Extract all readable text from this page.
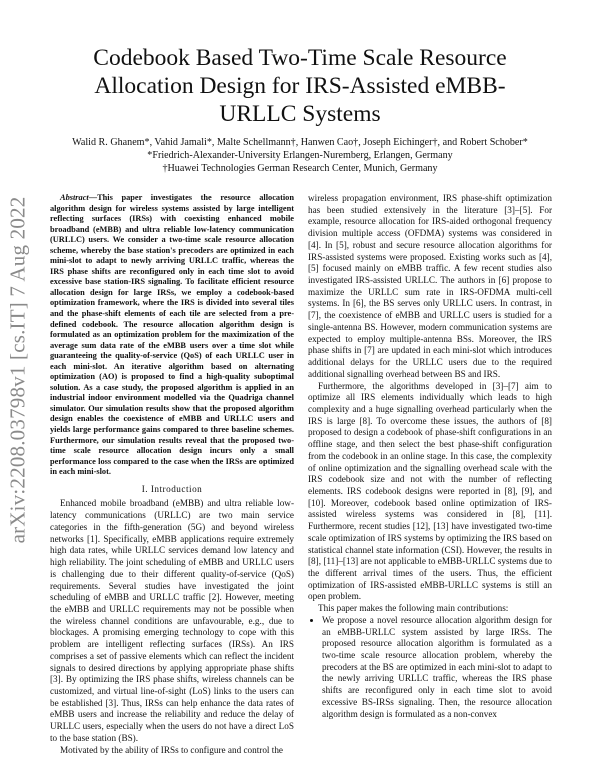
arXiv:2208.03798v1 [cs.IT] 7 Aug 2022
Codebook Based Two-Time Scale Resource Allocation Design for IRS-Assisted eMBB-URLLC Systems
Walid R. Ghanem*, Vahid Jamali*, Malte Schellmann†, Hanwen Cao†, Joseph Eichinger†, and Robert Schober*
*Friedrich-Alexander-University Erlangen-Nuremberg, Erlangen, Germany
†Huawei Technologies German Research Center, Munich, Germany

Abstract—This paper investigates the resource allocation algorithm design for wireless systems assisted by large intelligent reflecting surfaces (IRSs) with coexisting enhanced mobile broadband (eMBB) and ultra reliable low-latency communication (URLLC) users. We consider a two-time scale resource allocation scheme, whereby the base station's precoders are optimized in each mini-slot to adapt to newly arriving URLLC traffic, whereas the IRS phase shifts are reconfigured only in each time slot to avoid excessive base station-IRS signaling. To facilitate efficient resource allocation design for large IRSs, we employ a codebook-based optimization framework, where the IRS is divided into several tiles and the phase-shift elements of each tile are selected from a pre-defined codebook. The resource allocation algorithm design is formulated as an optimization problem for the maximization of the average sum data rate of the eMBB users over a time slot while guaranteeing the quality-of-service (QoS) of each URLLC user in each mini-slot. An iterative algorithm based on alternating optimization (AO) is proposed to find a high-quality suboptimal solution. As a case study, the proposed algorithm is applied in an industrial indoor environment modelled via the Quadriga channel simulator. Our simulation results show that the proposed algorithm design enables the coexistence of eMBB and URLLC users and yields large performance gains compared to three baseline schemes. Furthermore, our simulation results reveal that the proposed two-time scale resource allocation design incurs only a small performance loss compared to the case when the IRSs are optimized in each mini-slot.

I. Introduction

Enhanced mobile broadband (eMBB) and ultra reliable low-latency communications (URLLC) are two main service categories in the fifth-generation (5G) and beyond wireless networks [1]. Specifically, eMBB applications require extremely high data rates, while URLLC services demand low latency and high reliability. The joint scheduling of eMBB and URLLC users is challenging due to their different quality-of-service (QoS) requirements. Several studies have investigated the joint scheduling of eMBB and URLLC traffic [2]. However, meeting the eMBB and URLLC requirements may not be possible when the wireless channel conditions are unfavourable, e.g., due to blockages. A promising emerging technology to cope with this problem are intelligent reflecting surfaces (IRSs). An IRS comprises a set of passive elements which can reflect the incident signals to desired directions by applying appropriate phase shifts [3]. By optimizing the IRS phase shifts, wireless channels can be customized, and virtual line-of-sight (LoS) links to the users can be established [3]. Thus, IRSs can help enhance the data rates of eMBB users and increase the reliability and reduce the delay of URLLC users, especially when the users do not have a direct LoS to the base station (BS).

Motivated by the ability of IRSs to configure and control the

wireless propagation environment, IRS phase-shift optimization has been studied extensively in the literature [3]–[5]. For example, resource allocation for IRS-aided orthogonal frequency division multiple access (OFDMA) systems was considered in [4]. In [5], robust and secure resource allocation algorithms for IRS-assisted systems were proposed. Existing works such as [4], [5] focused mainly on eMBB traffic. A few recent studies also investigated IRS-assisted URLLC. The authors in [6] propose to maximize the URLLC sum rate in IRS-OFDMA multi-cell systems. In [6], the BS serves only URLLC users. In contrast, in [7], the coexistence of eMBB and URLLC users is studied for a single-antenna BS. However, modern communication systems are expected to employ multiple-antenna BSs. Moreover, the IRS phase shifts in [7] are updated in each mini-slot which introduces additional delays for the URLLC users due to the required additional signalling overhead between BS and IRS.

Furthermore, the algorithms developed in [3]–[7] aim to optimize all IRS elements individually which leads to high complexity and a huge signalling overhead particularly when the IRS is large [8]. To overcome these issues, the authors of [8] proposed to design a codebook of phase-shift configurations in an offline stage, and then select the best phase-shift configuration from the codebook in an online stage. In this case, the complexity of online optimization and the signalling overhead scale with the IRS codebook size and not with the number of reflecting elements. IRS codebook designs were reported in [8], [9], and [10]. Moreover, codebook based online optimization of IRS-assisted wireless systems was considered in [8], [11]. Furthermore, recent studies [12], [13] have investigated two-time scale optimization of IRS systems by optimizing the IRS based on statistical channel state information (CSI). However, the results in [8], [11]–[13] are not applicable to eMBB-URLLC systems due to the different arrival times of the users. Thus, the efficient optimization of IRS-assisted eMBB-URLLC systems is still an open problem.

This paper makes the following main contributions:

• We propose a novel resource allocation algorithm design for an eMBB-URLLC system assisted by large IRSs. The proposed resource allocation algorithm is formulated as a two-time scale resource allocation problem, whereby the precoders at the BS are optimized in each mini-slot to adapt to the newly arriving URLLC traffic, whereas the IRS phase shifts are reconfigured only in each time slot to avoid excessive BS-IRSs signaling. Then, the resource allocation algorithm design is formulated as a non-convex
